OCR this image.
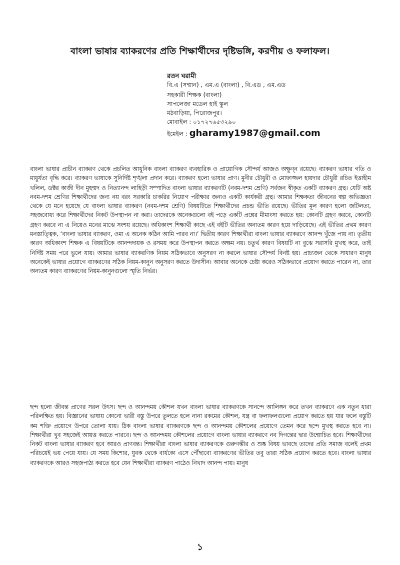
বাংলা ভাষার ব্যাকরণের প্রতি শিক্ষার্থীদের দৃষ্টিভঙ্গি, করণীয় ও ফলাফল।
রতন ঘরামী
বি.এ (সম্মান) , এম.এ (বাংলা) , বি.এড , এম.এড
সহকারী শিক্ষক (বাংলা)
সাপলেজা মডেল হাই স্কুল
মঠবাড়িয়া, পিরোজপুর।
মোবাইল : ০১৭২৭৬৫৩২৯০
ইমেইল : gharamy1987@gmail.com
বাংলা ভাষার প্রাচীন ব্যাকরণ থেকে প্রচলিত আধুনিক বাংলা ব্যাকরণ ব্যবহারিক ও প্রায়োগিক সৌন্দর্য আজও অক্ষুণ্ন রয়েছে। ব্যাকরণ ভাষার গতি ও মাধুর্যতা বৃদ্ধি করে। ব্যাকরণ ভাষাকে সুনির্দিষ্ট শৃঙ্খলা প্রদান করে। ব্যাকরণ হলো ভাষার প্রাণ। মুনীর চৌধুরী ও মোফাজ্জল হায়দার চৌধুরী রচিত ইত্তাহীম খলিল, ডক্টর কাজী দীন মুহম্মদ ও নিত্যানন্দ লাহিড়ী সম্পাদিত বাংলা ভাষার ব্যাকরণটি (নবম-দশম শ্রেণি) সর্বজন স্বীকৃত একটি ব্যাকরণ গ্রন্থ। যেটি অষ্ট নবম-দশম শ্রেণির শিক্ষার্থীদের জন্য নয় বরং সরকারি চাকরির নিয়োগ পরীক্ষার জন্যও একটি কার্যকরী গ্রন্থ। আমার শিক্ষকতা জীবনের স্বল্প অভিজ্ঞতা থেকে যে মনে হয়েছে যে বাংলা ভাষার ব্যাকরণ (নবম-দশম শ্রেণি) বিষয়টিতে শিক্ষার্থীদের প্রচন্ড ভীতি রয়েছে। ভীতির মূল কারণ হলো জটিলতা, সহজবোধ্য করে শিক্ষার্থীদের নিকট উপস্থাপন না করা। তাদেরকে অনেকগুলো বই পড়ে একটি প্রশ্নের মীমাংসা করতে হয়: কোনটি গ্রহণ করবে, কোনটি গ্রহণ করবে না এ নিয়েও মনের মাঝে সংশয় রয়েছে। অধিকাংশ শিক্ষার্থী কাছে এই বইটি ভীতির অন্যতম কারণ হয়ে দাড়িয়েছে। এই ভীতির প্রথম কারণ মনস্তাত্ত্বিক, ‘বাংলা ভাষার ব্যাকরণ, ওমা এ অনেক কঠিন আমি পারব না।’ দ্বিতীয় কারণ শিক্ষার্থীরা বাংলা ভাষার ব্যাকরণে আনন্দ খুঁজে পায় না। তৃতীয় কারণ অধিকাংশ শিক্ষক এ বিষয়টিকে আনন্দদায়ক ও রসময় করে উপস্থাপন করতে অক্ষম নয়। চতুর্থ কারণ বিষয়টি না বুঝে সরাসরি মুখস্থ করে, তাই নির্দিষ্ট সময় পরে ভুলে যায়। আমার ভাষার ব্যাকরণিক নিয়ম সঠিকভাবে অনুসরণ না করলে ভাষার সৌন্দর্য বিনষ্ট হয়। প্রাচ্যজন থেকে সাধারণ মানুষ অনেকেই ভাষার প্রয়োগে ব্যাকরণের সঠিক নিয়ম-কানুন অনুসরণ করতে উদাসীন। আবার অনেকে চেষ্টা করেও সঠিকভাবে প্রয়োগ করতে পারেন না, তার অন্যতম কারণ ব্যাকরণের নিয়ম-কানুনগুলো স্মৃতি নির্ভর।
ছন্দ হলো জীবন্ত প্রাণের সরল উৎস। ছন্দ ও আনন্দময় কৌশল যখন বাংলা ভাষার ব্যাকরণকে সানন্দে আলিঙ্গন করে তখন ব্যাকরণে এক নতুন ধারা পরিলক্ষিত হয়। বিজ্ঞানের ভাষায় কোনো ভারী বস্তু উপরে তুলতে হলে নানা রকমের কৌশল, যন্ত্র বা ফলাফলগুলো প্রয়োগ করতে হয় যার ফলে বস্তুটি কম শক্তি প্রয়োগে উপরে তোলা যায়। ঠিক বাংলা ভাষার ব্যাকরণকে ছন্দ ও আনন্দময় কৌশলের প্রয়োগে তেমন করে ছন্দে মুখস্থ করতে হবে না। শিক্ষার্থীরা খুব সহজেই আয়ত্ত করতে পারবে। ছন্দ ও আনন্দময় কৌশলের প্রয়োগে বাংলা ভাষার ব্যাকরণে নব দিগন্তের দ্বার উন্মোচিত হবে। শিক্ষার্থীদের নিকট বাংলা ভাষার ব্যাকরণ হবে আরও প্রাণবন্ত। শিক্ষার্থীরা বাংলা ভাষার ব্যাকরণকে গুরুগম্ভীর ও শুষ্ক বিষয় ভাবছে তাদের প্রতি সমাজ বলেই প্রথম পরিচয়েই ভয় পেয়ে যায়। যে সময় কিশোর, যুবক থেকে বার্ধক্যে এসে পৌঁছাবো ব্যাকরণের ভীতির তবু তারা সঠিক প্রয়োগ করতে হবে। বাংলা ভাষার ব্যাকরণকে আরও সহজপাঠ্য করতে হবে যেন শিক্ষার্থীরা ব্যাকরণ পাঠেও নিখাদ আনন্দ পায়। মানুষ
১
